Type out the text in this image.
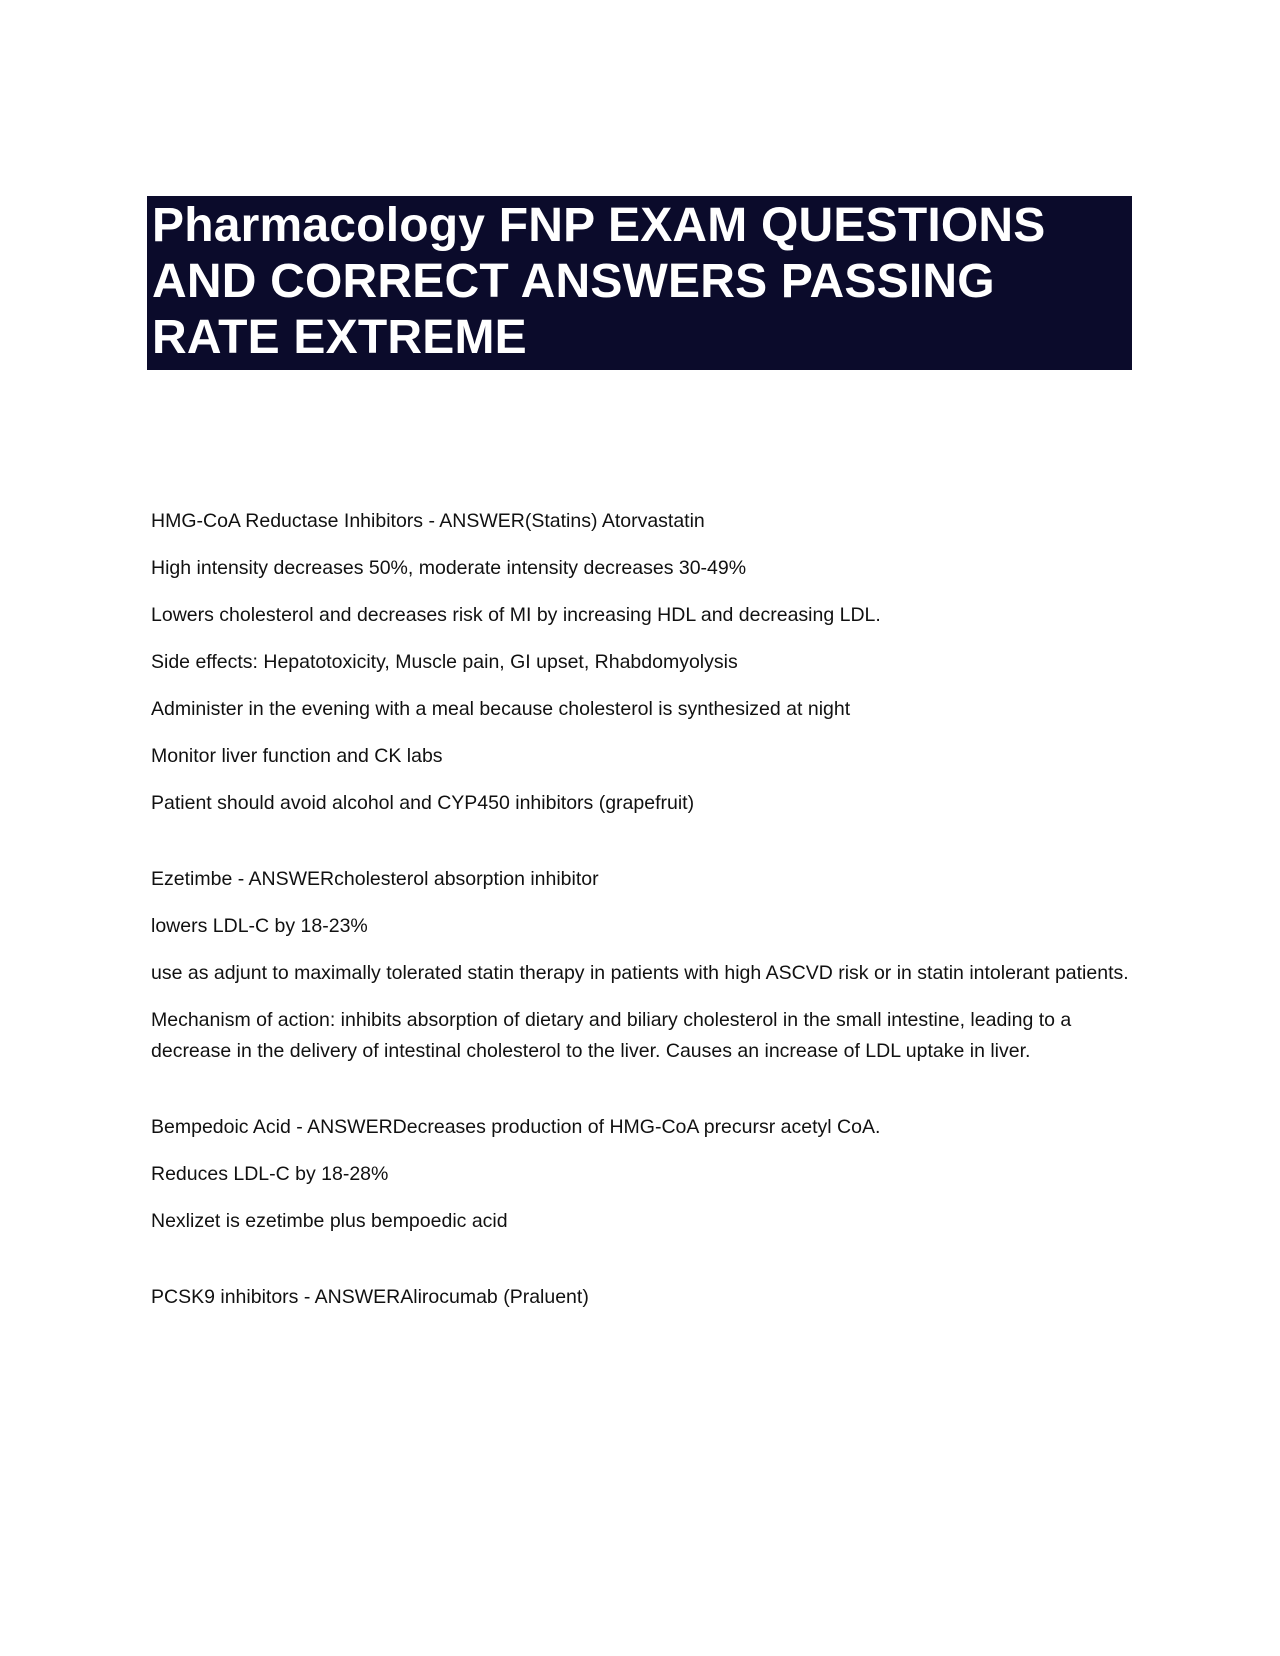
Pharmacology FNP EXAM QUESTIONS AND CORRECT ANSWERS PASSING RATE EXTREME

HMG-CoA Reductase Inhibitors - ANSWER(Statins) Atorvastatin

High intensity decreases 50%, moderate intensity decreases 30-49%

Lowers cholesterol and decreases risk of MI by increasing HDL and decreasing LDL.

Side effects: Hepatotoxicity, Muscle pain, GI upset, Rhabdomyolysis

Administer in the evening with a meal because cholesterol is synthesized at night

Monitor liver function and CK labs

Patient should avoid alcohol and CYP450 inhibitors (grapefruit)

Ezetimbe - ANSWERcholesterol absorption inhibitor

lowers LDL-C by 18-23%

use as adjunt to maximally tolerated statin therapy in patients with high ASCVD risk or in statin intolerant patients.

Mechanism of action: inhibits absorption of dietary and biliary cholesterol in the small intestine, leading to a decrease in the delivery of intestinal cholesterol to the liver. Causes an increase of LDL uptake in liver.

Bempedoic Acid - ANSWERDecreases production of HMG-CoA precursr acetyl CoA.

Reduces LDL-C by 18-28%

Nexlizet is ezetimbe plus bempoedic acid

PCSK9 inhibitors - ANSWERAlirocumab (Praluent)
